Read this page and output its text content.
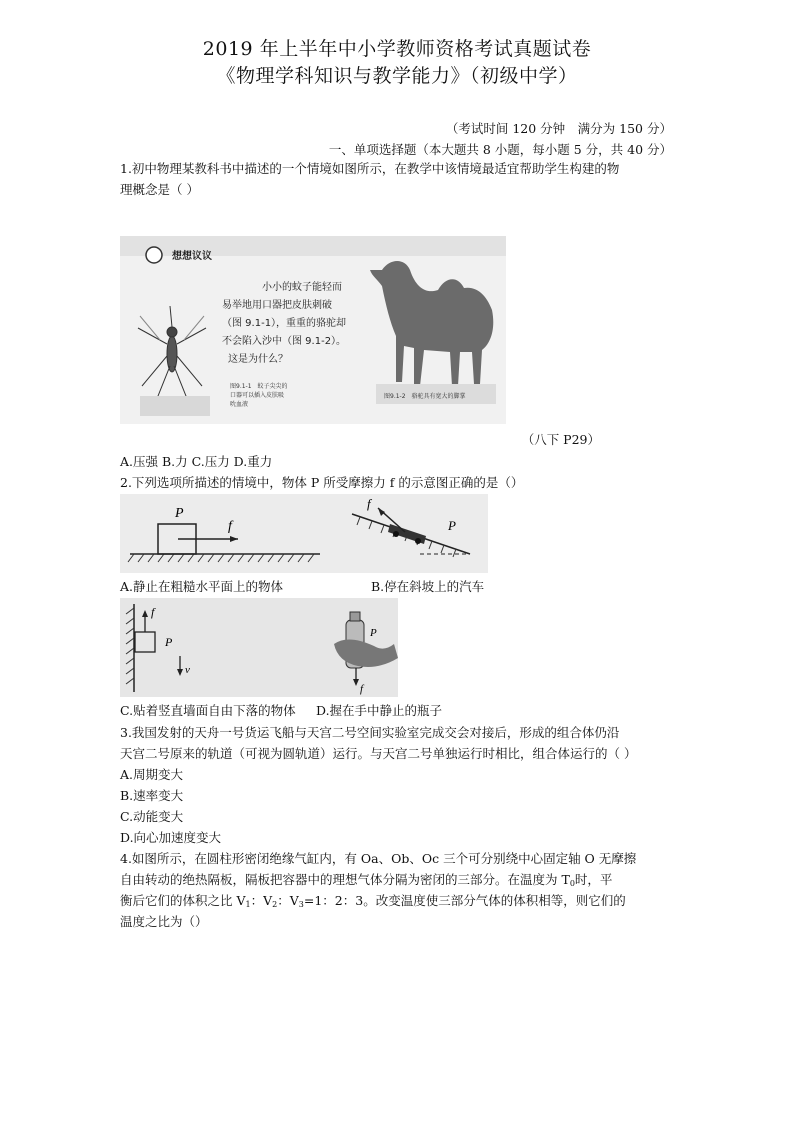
2019 年上半年中小学教师资格考试真题试卷
《物理学科知识与教学能力》（初级中学）
（考试时间 120 分钟　满分为 150 分）
一、单项选择题（本大题共 8 小题，每小题 5 分，共 40 分）
1.初中物理某教科书中描述的一个情境如图所示，在教学中该情境最适宜帮助学生构建的物
理概念是（ ）
想想议议
小小的蚊子能轻而
易举地用口器把皮肤刺破
（图 9.1-1），重重的骆驼却
不会陷入沙中（图 9.1-2）。
这是为什么？
图9.1-1　蚊子尖尖的
口器可以插入皮肤吸
吮血液
图9.1-2　骆驼具有宽大的脚掌
（八下 P29）
A.压强 B.力 C.压力 D.重力
2.下列选项所描述的情境中，物体 P 所受摩擦力 f 的示意图正确的是（）
P
f
f
P
A.静止在粗糙水平面上的物体	B.停在斜坡上的汽车
f
P
v
P
f
C.贴着竖直墙面自由下落的物体	D.握在手中静止的瓶子
3.我国发射的天舟一号货运飞船与天宫二号空间实验室完成交会对接后，形成的组合体仍沿
天宫二号原来的轨道（可视为圆轨道）运行。与天宫二号单独运行时相比，组合体运行的（ ）
A.周期变大
B.速率变大
C.动能变大
D.向心加速度变大
4.如图所示，在圆柱形密闭绝缘气缸内，有 Oa、Ob、Oc 三个可分别绕中心固定轴 O 无摩擦
自由转动的绝热隔板，隔板把容器中的理想气体分隔为密闭的三部分。在温度为 $T_0$时，平
衡后它们的体积之比 $V_1$：$V_2$：$V_3=1$：2：3。改变温度使三部分气体的体积相等，则它们的
温度之比为（）
